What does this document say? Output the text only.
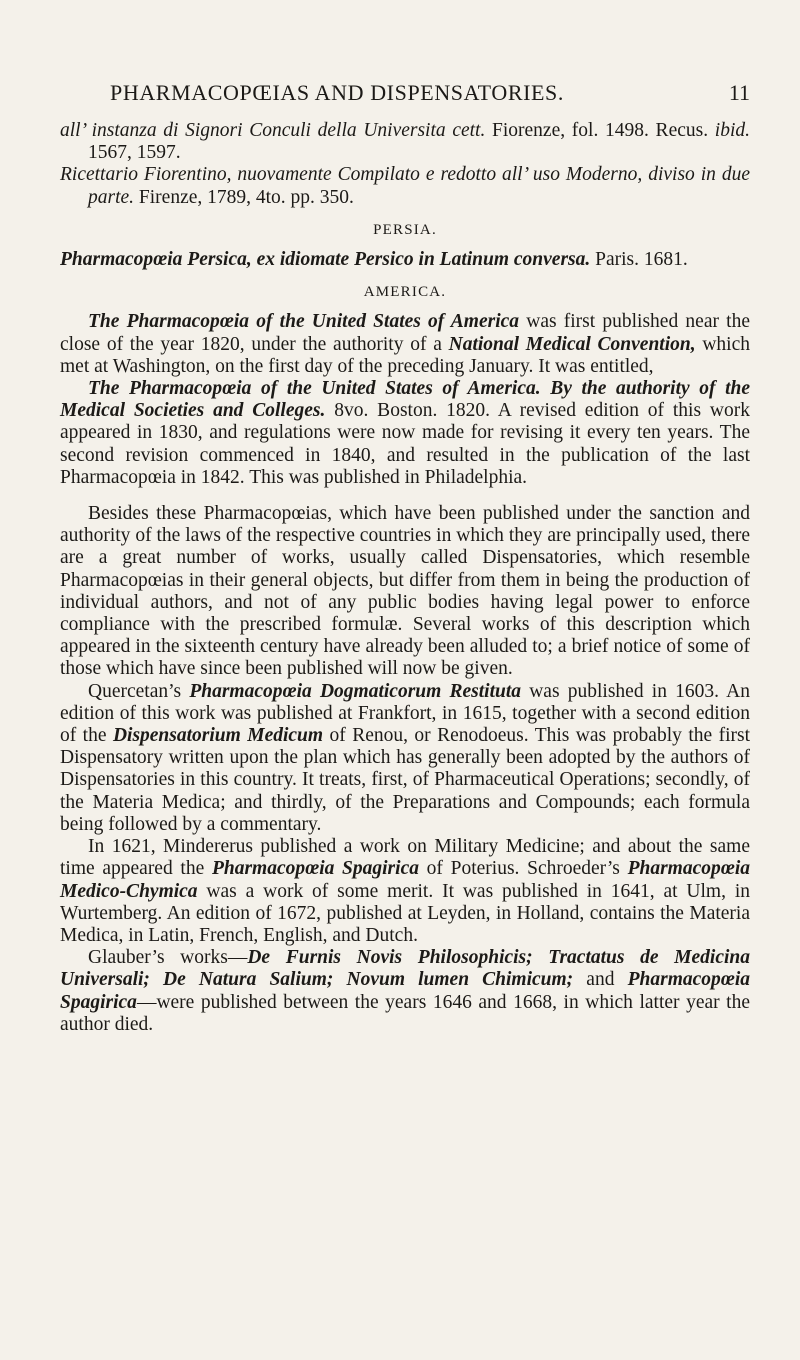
PHARMACOPŒIAS AND DISPENSATORIES.	11

all’ instanza di Signori Conculi della Universita cett. Fiorenze, fol. 1498. Recus. ibid. 1567, 1597.

Ricettario Fiorentino, nuovamente Compilato e redotto all’ uso Moderno, diviso in due parte. Firenze, 1789, 4to. pp. 350.

PERSIA.

Pharmacopœia Persica, ex idiomate Persico in Latinum conversa. Paris. 1681.

AMERICA.

The Pharmacopœia of the United States of America was first published near the close of the year 1820, under the authority of a National Medical Convention, which met at Washington, on the first day of the preceding January. It was entitled,

The Pharmacopœia of the United States of America. By the authority of the Medical Societies and Colleges. 8vo. Boston. 1820. A revised edition of this work appeared in 1830, and regulations were now made for revising it every ten years. The second revision commenced in 1840, and resulted in the publication of the last Pharmacopœia in 1842. This was published in Philadelphia.

Besides these Pharmacopœias, which have been published under the sanction and authority of the laws of the respective countries in which they are principally used, there are a great number of works, usually called Dispensatories, which resemble Pharmacopœias in their general objects, but differ from them in being the production of individual authors, and not of any public bodies having legal power to enforce compliance with the prescribed formulæ. Several works of this description which appeared in the sixteenth century have already been alluded to; a brief notice of some of those which have since been published will now be given.

Quercetan’s Pharmacopœia Dogmaticorum Restituta was published in 1603. An edition of this work was published at Frankfort, in 1615, together with a second edition of the Dispensatorium Medicum of Renou, or Renodoeus. This was probably the first Dispensatory written upon the plan which has generally been adopted by the authors of Dispensatories in this country. It treats, first, of Pharmaceutical Operations; secondly, of the Materia Medica; and thirdly, of the Preparations and Compounds; each formula being followed by a commentary.

In 1621, Mindererus published a work on Military Medicine; and about the same time appeared the Pharmacopœia Spagirica of Poterius. Schroeder’s Pharmacopœia Medico-Chymica was a work of some merit. It was published in 1641, at Ulm, in Wurtemberg. An edition of 1672, published at Leyden, in Holland, contains the Materia Medica, in Latin, French, English, and Dutch.

Glauber’s works—De Furnis Novis Philosophicis; Tractatus de Medicina Universali; De Natura Salium; Novum lumen Chimicum; and Pharmacopœia Spagirica—were published between the years 1646 and 1668, in which latter year the author died.
